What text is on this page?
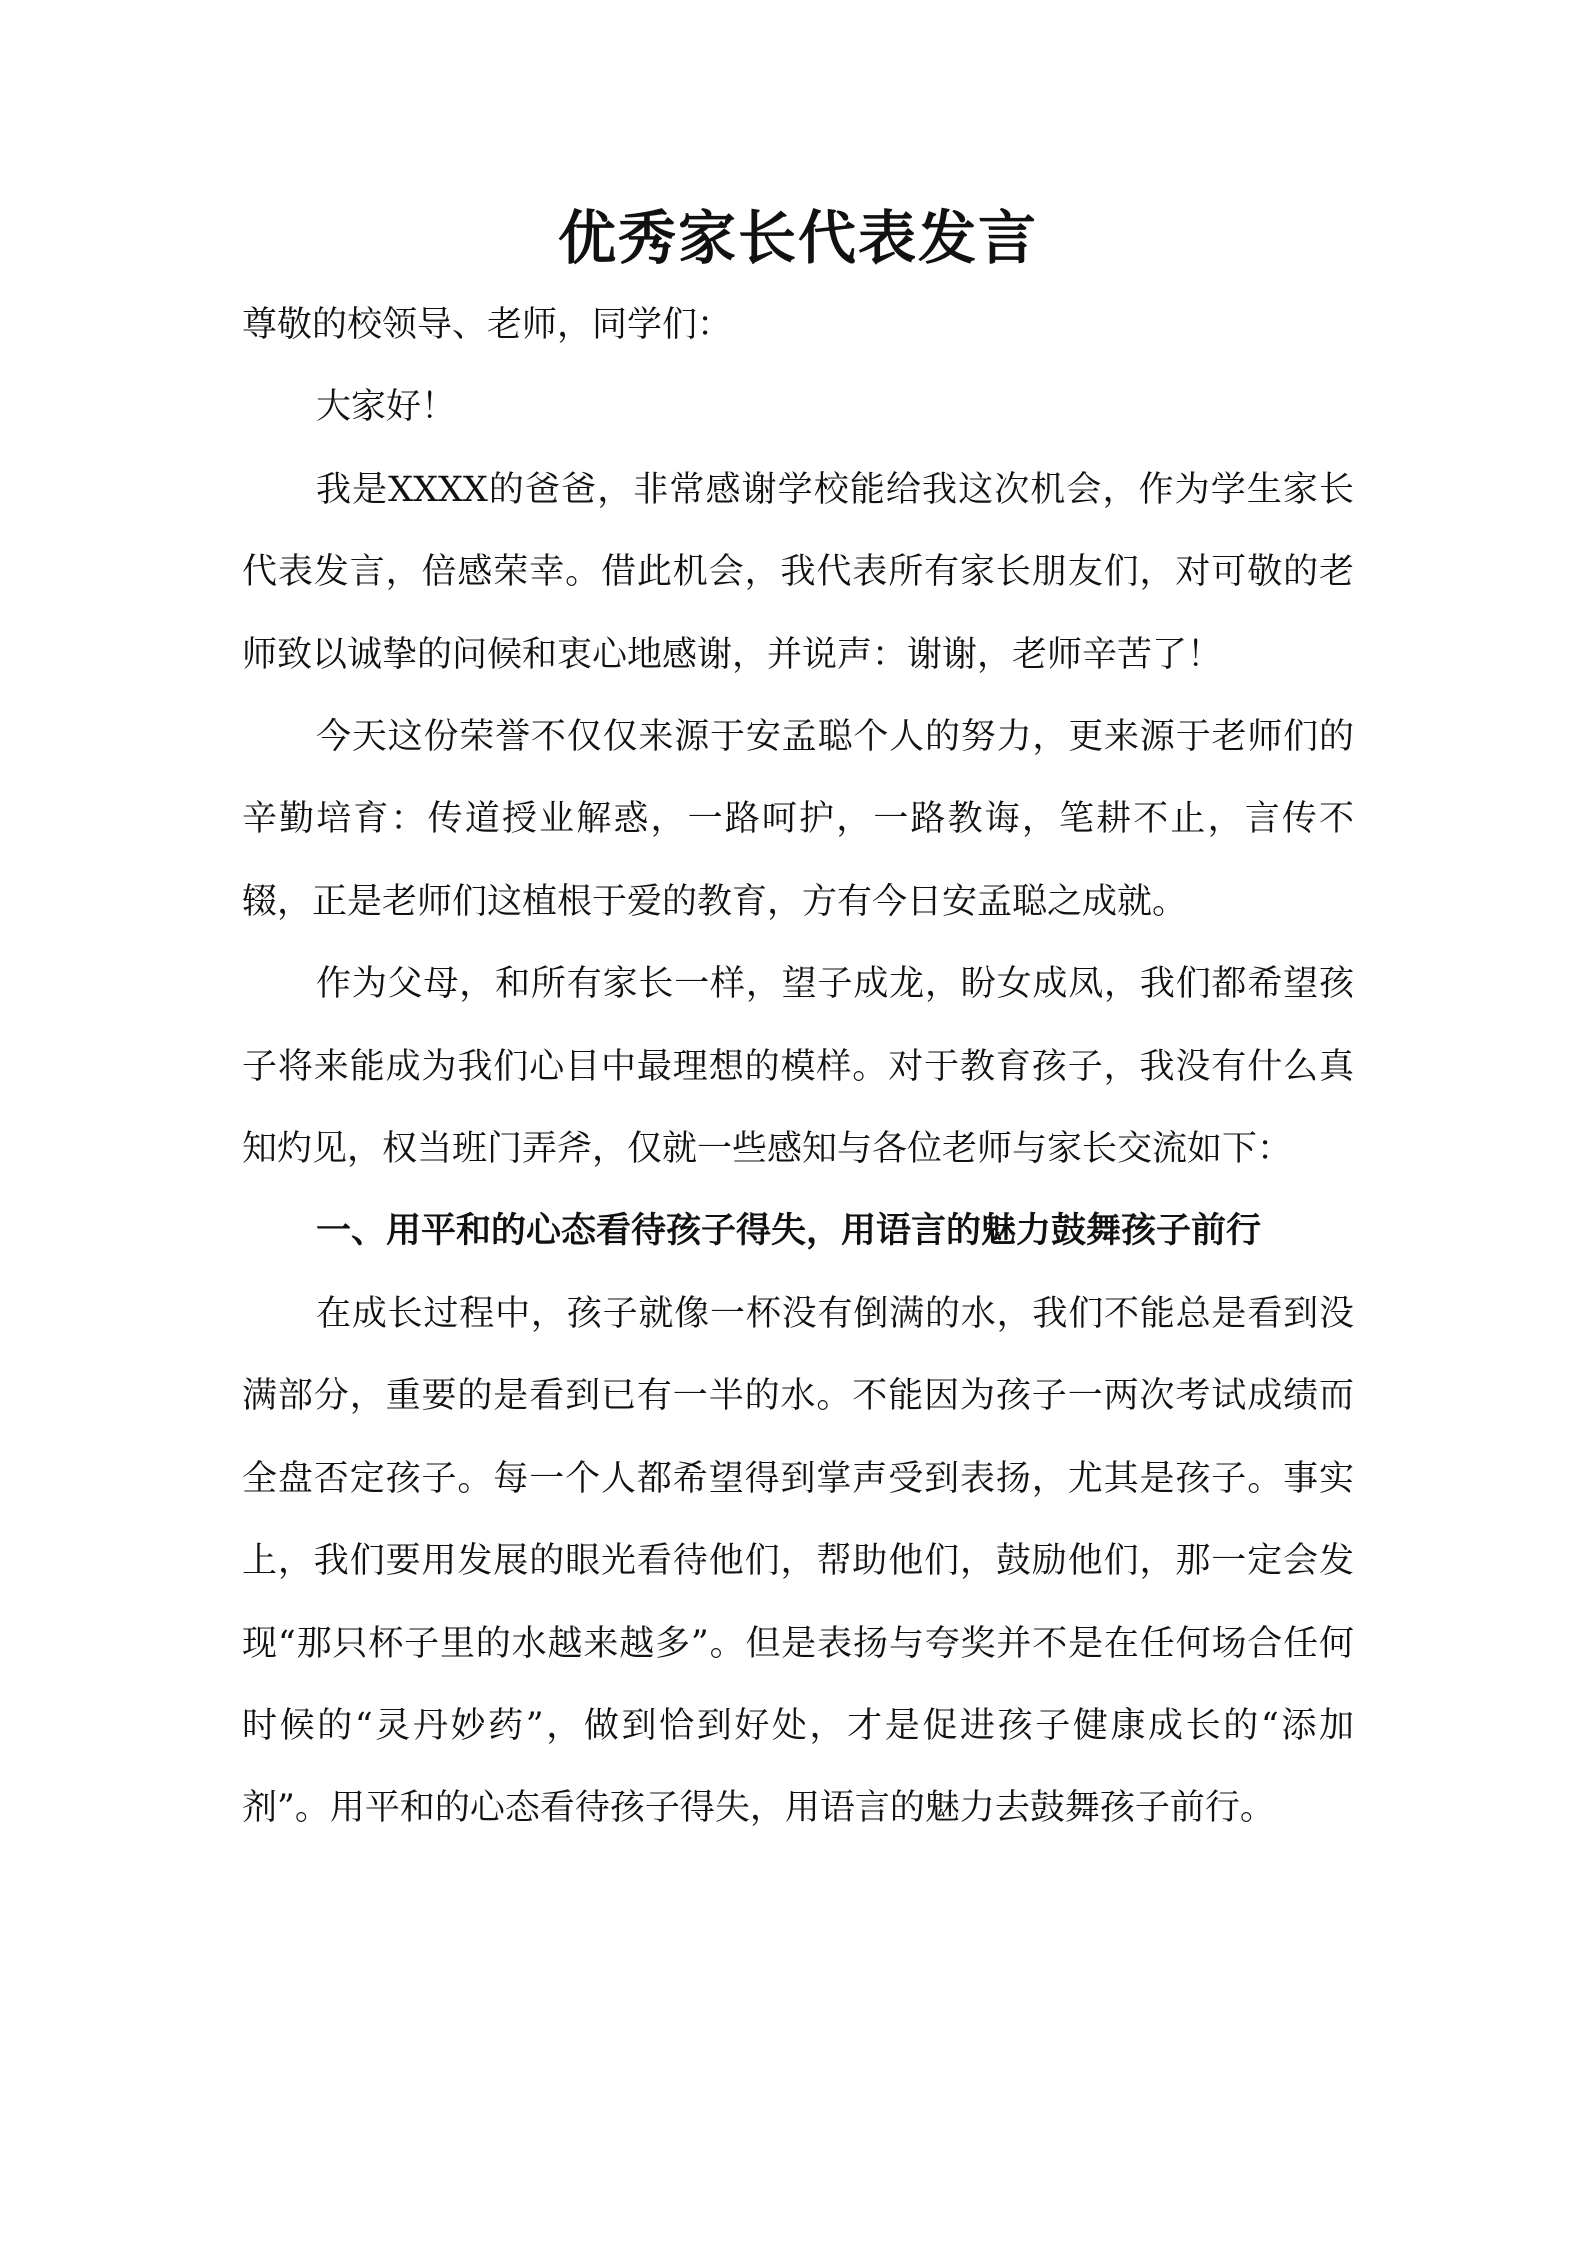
优秀家长代表发言

尊敬的校领导、老师，同学们：

大家好！

我是XXXX的爸爸，非常感谢学校能给我这次机会，作为学生家长代表发言，倍感荣幸。借此机会，我代表所有家长朋友们，对可敬的老师致以诚挚的问候和衷心地感谢，并说声：谢谢，老师辛苦了！

今天这份荣誉不仅仅来源于安孟聪个人的努力，更来源于老师们的辛勤培育：传道授业解惑，一路呵护，一路教诲，笔耕不止，言传不辍，正是老师们这植根于爱的教育，方有今日安孟聪之成就。

作为父母，和所有家长一样，望子成龙，盼女成凤，我们都希望孩子将来能成为我们心目中最理想的模样。对于教育孩子，我没有什么真知灼见，权当班门弄斧，仅就一些感知与各位老师与家长交流如下：

一、用平和的心态看待孩子得失，用语言的魅力鼓舞孩子前行

在成长过程中，孩子就像一杯没有倒满的水，我们不能总是看到没满部分，重要的是看到已有一半的水。不能因为孩子一两次考试成绩而全盘否定孩子。每一个人都希望得到掌声受到表扬，尤其是孩子。事实上，我们要用发展的眼光看待他们，帮助他们，鼓励他们，那一定会发现“那只杯子里的水越来越多”。但是表扬与夸奖并不是在任何场合任何时候的“灵丹妙药”，做到恰到好处，才是促进孩子健康成长的“添加剂”。用平和的心态看待孩子得失，用语言的魅力去鼓舞孩子前行。
